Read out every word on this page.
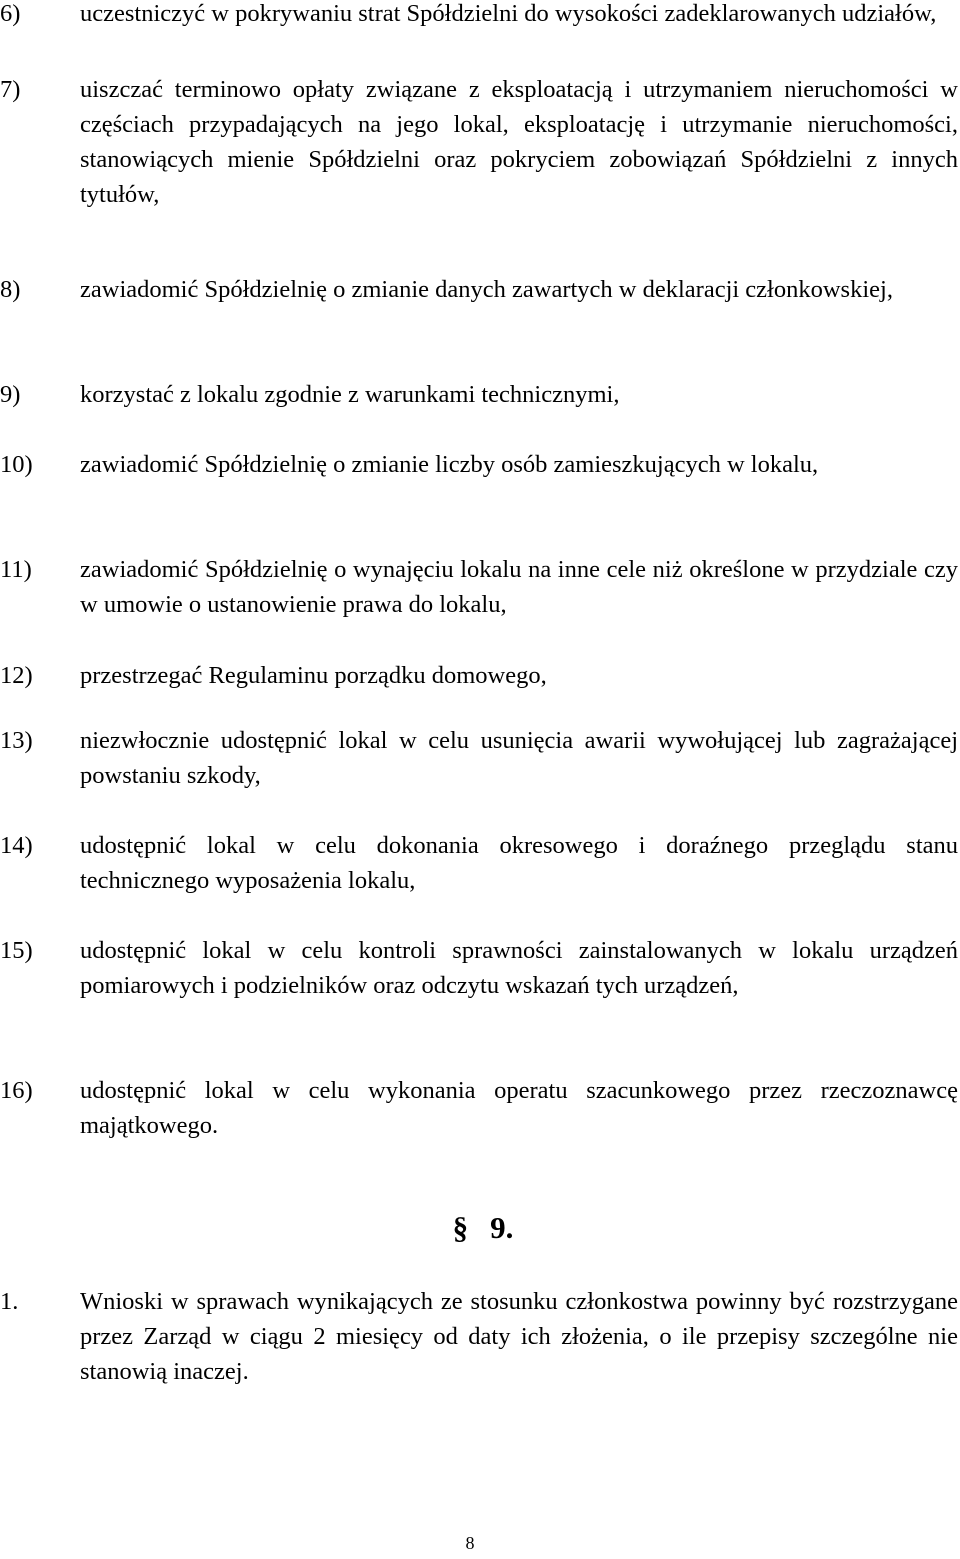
6)	uczestniczyć w pokrywaniu strat Spółdzielni do wysokości zadeklarowanych udziałów,
7)	uiszczać terminowo opłaty związane z eksploatacją i utrzymaniem nieruchomości w częściach przypadających na jego lokal, eksploatację i utrzymanie nieruchomości, stanowiących mienie Spółdzielni oraz pokryciem zobowiązań Spółdzielni z innych tytułów,
8)	zawiadomić Spółdzielnię o zmianie danych zawartych w deklaracji członkowskiej,
9)	korzystać z lokalu zgodnie z warunkami technicznymi,
10)	zawiadomić Spółdzielnię o zmianie liczby osób zamieszkujących w lokalu,
11)	zawiadomić Spółdzielnię o wynajęciu lokalu na inne cele niż określone w przydziale czy w umowie o ustanowienie prawa do lokalu,
12)	przestrzegać Regulaminu porządku domowego,
13)	niezwłocznie udostępnić lokal w celu usunięcia awarii wywołującej lub zagrażającej powstaniu szkody,
14)	udostępnić lokal w celu dokonania okresowego i doraźnego przeglądu stanu technicznego wyposażenia lokalu,
15)	udostępnić lokal w celu kontroli sprawności zainstalowanych w lokalu urządzeń pomiarowych i podzielników oraz odczytu wskazań tych urządzeń,
16)	udostępnić lokal w celu wykonania operatu szacunkowego przez rzeczoznawcę majątkowego.
§ 9.
1.	Wnioski w sprawach wynikających ze stosunku członkostwa powinny być rozstrzygane przez Zarząd w ciągu 2 miesięcy od daty ich złożenia, o ile przepisy szczególne nie stanowią inaczej.
8
